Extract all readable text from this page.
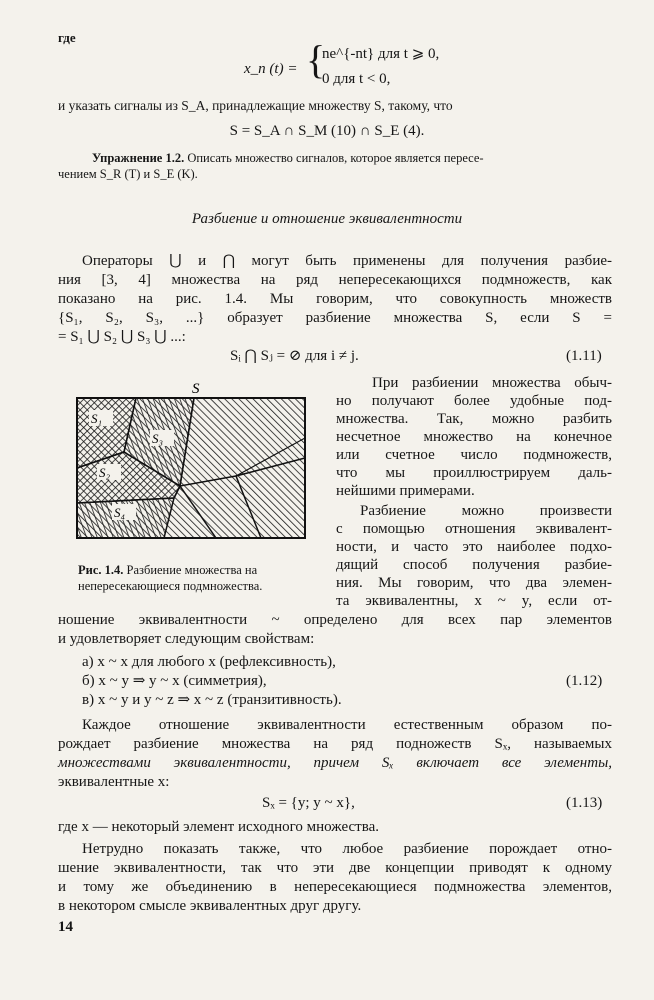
где
x_n (t) = {
ne^{-nt} для t ⩾ 0,
0 для t < 0,
и указать сигналы из S_A, принадлежащие множеству S, такому, что
S = S_A ∩ S_M (10) ∩ S_E (4).
Упражнение 1.2. Описать множество сигналов, которое является пересе-
чением S_R (T) и S_E (K).
Разбиение и отношение эквивалентности
Операторы ⋃ и ⋂ могут быть применены для получения разбие-
ния [3, 4] множества на ряд непересекающихся подмножеств, как
показано на рис. 1.4. Мы говорим, что совокупность множеств
{S₁, S₂, S₃, ...} образует разбиение множества S, если S =
= S₁ ⋃ S₂ ⋃ S₃ ⋃ ...:
Sᵢ ⋂ Sⱼ = ⊘ для i ≠ j.	(1.11)
S₁
S₃
S₂
S₄
S
Рис. 1.4. Разбиение множества на
непересекающиеся подмножества.
При разбиении множества обыч-
но получают более удобные под-
множества. Так, можно разбить
несчетное множество на конечное
или счетное число подмножеств,
что мы проиллюстрируем даль-
нейшими примерами.
Разбиение можно произвести
с помощью отношения эквивалент-
ности, и часто это наиболее подхо-
дящий способ получения разбие-
ния. Мы говорим, что два элемен-
та эквивалентны, x ~ y, если от-
ношение эквивалентности ~ определено для всех пар элементов
и удовлетворяет следующим свойствам:
а) x ~ x для любого x (рефлексивность),
б) x ~ y ⇒ y ~ x (симметрия),
в) x ~ y и y ~ z ⇒ x ~ z (транзитивность).
(1.12)
Каждое отношение эквивалентности естественным образом по-
рождает разбиение множества на ряд подножеств Sₓ, называемых
множествами эквивалентности, причем Sₓ включает все элементы,
эквивалентные x:
Sₓ = {y; y ~ x},	(1.13)
где x — некоторый элемент исходного множества.
Нетрудно показать также, что любое разбиение порождает отно-
шение эквивалентности, так что эти две концепции приводят к одному
и тому же объединению в непересекающиеся подмножества элементов,
в некотором смысле эквивалентных друг другу.
14
